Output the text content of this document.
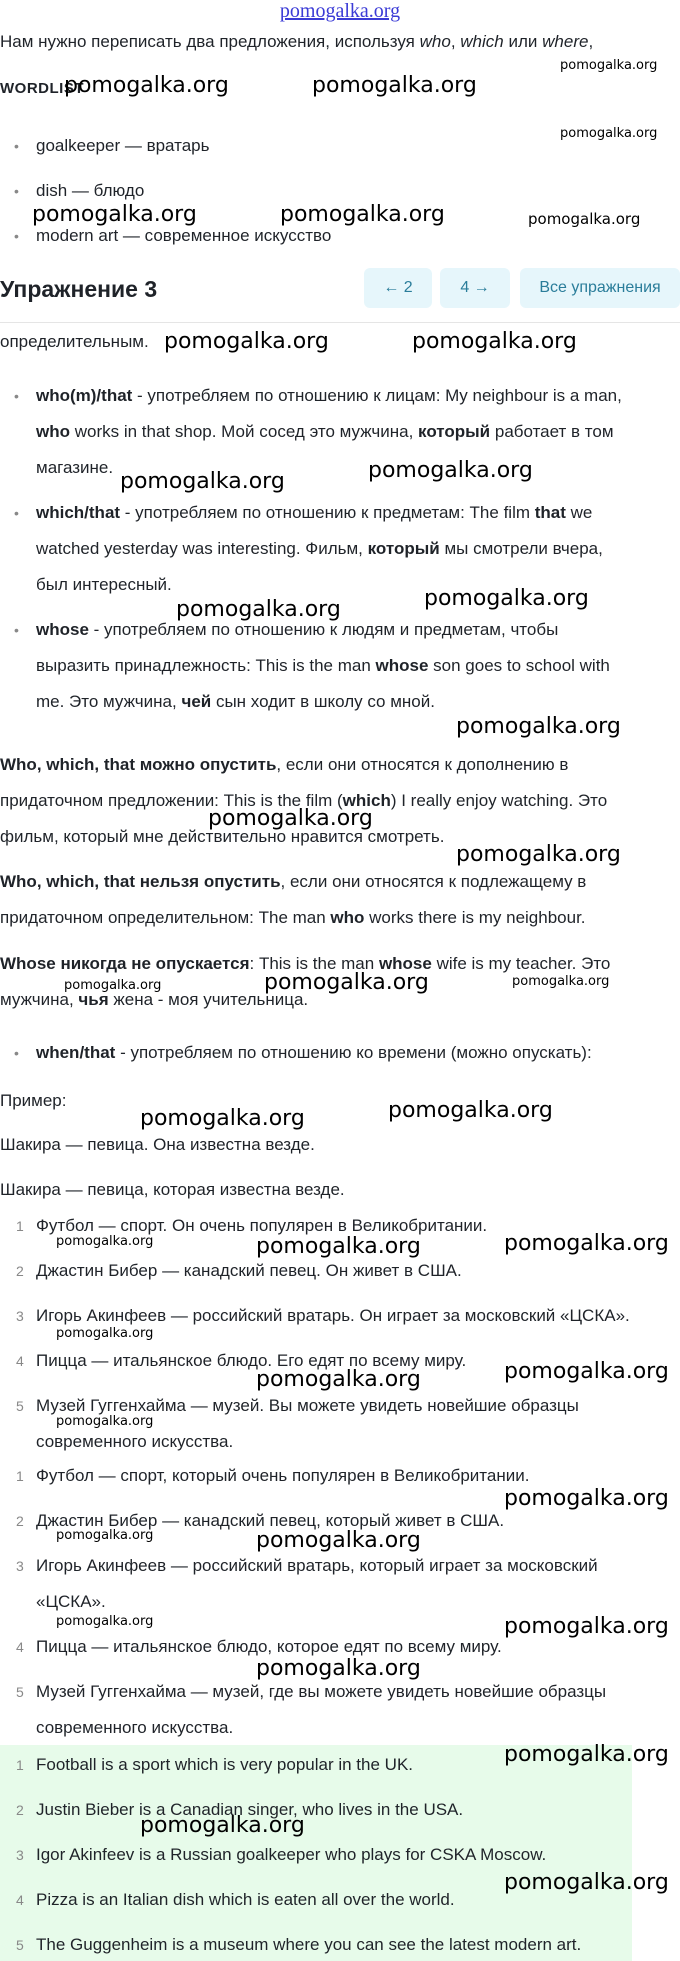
pomogalka.org
Нам нужно переписать два предложения, используя who, which или where,
WORDLIST
• goalkeeper — вратарь
• dish — блюдо
• modern art — современное искусство
Упражнение 3	← 2	4 →	Все упражнения
определительным.
• who(m)/that - употребляем по отношению к лицам: My neighbour is a man,
who works in that shop. Мой сосед это мужчина, который работает в том
магазине.
• which/that - употребляем по отношению к предметам: The film that we
watched yesterday was interesting. Фильм, который мы смотрели вчера,
был интересный.
• whose - употребляем по отношению к людям и предметам, чтобы
выразить принадлежность: This is the man whose son goes to school with
me. Это мужчина, чей сын ходит в школу со мной.
Who, which, that можно опустить, если они относятся к дополнению в
придаточном предложении: This is the film (which) I really enjoy watching. Это
фильм, который мне действительно нравится смотреть.
Who, which, that нельзя опустить, если они относятся к подлежащему в
придаточном определительном: The man who works there is my neighbour.
Whose никогда не опускается: This is the man whose wife is my teacher. Это
мужчина, чья жена - моя учительница.
• when/that - употребляем по отношению ко времени (можно опускать):
Пример:
Шакира — певица. Она известна везде.
Шакира — певица, которая известна везде.
1 Футбол — спорт. Он очень популярен в Великобритании.
2 Джастин Бибер — канадский певец. Он живет в США.
3 Игорь Акинфеев — российский вратарь. Он играет за московский «ЦСКА».
4 Пицца — итальянское блюдо. Его едят по всему миру.
5 Музей Гуггенхайма — музей. Вы можете увидеть новейшие образцы
современного искусства.
1 Футбол — спорт, который очень популярен в Великобритании.
2 Джастин Бибер — канадский певец, который живет в США.
3 Игорь Акинфеев — российский вратарь, который играет за московский
«ЦСКА».
4 Пицца — итальянское блюдо, которое едят по всему миру.
5 Музей Гуггенхайма — музей, где вы можете увидеть новейшие образцы
современного искусства.
1 Football is a sport which is very popular in the UK.
2 Justin Bieber is a Canadian singer, who lives in the USA.
3 Igor Akinfeev is a Russian goalkeeper who plays for CSKA Moscow.
4 Pizza is an Italian dish which is eaten all over the world.
5 The Guggenheim is a museum where you can see the latest modern art.
pomogalka.org	pomogalka.org
pomogalka.org
pomogalka.org
pomogalka.org	pomogalka.org	pomogalka.org
pomogalka.org	pomogalka.org
pomogalka.org	pomogalka.org
pomogalka.org
pomogalka.org
pomogalka.org
pomogalka.org
pomogalka.org
pomogalka.org	pomogalka.org	pomogalka.org
pomogalka.org
pomogalka.org
pomogalka.org	pomogalka.org	pomogalka.org
pomogalka.org
pomogalka.org
pomogalka.org
pomogalka.org
pomogalka.org
pomogalka.org	pomogalka.org
pomogalka.org	pomogalka.org
pomogalka.org
pomogalka.org
pomogalka.org
pomogalka.org
